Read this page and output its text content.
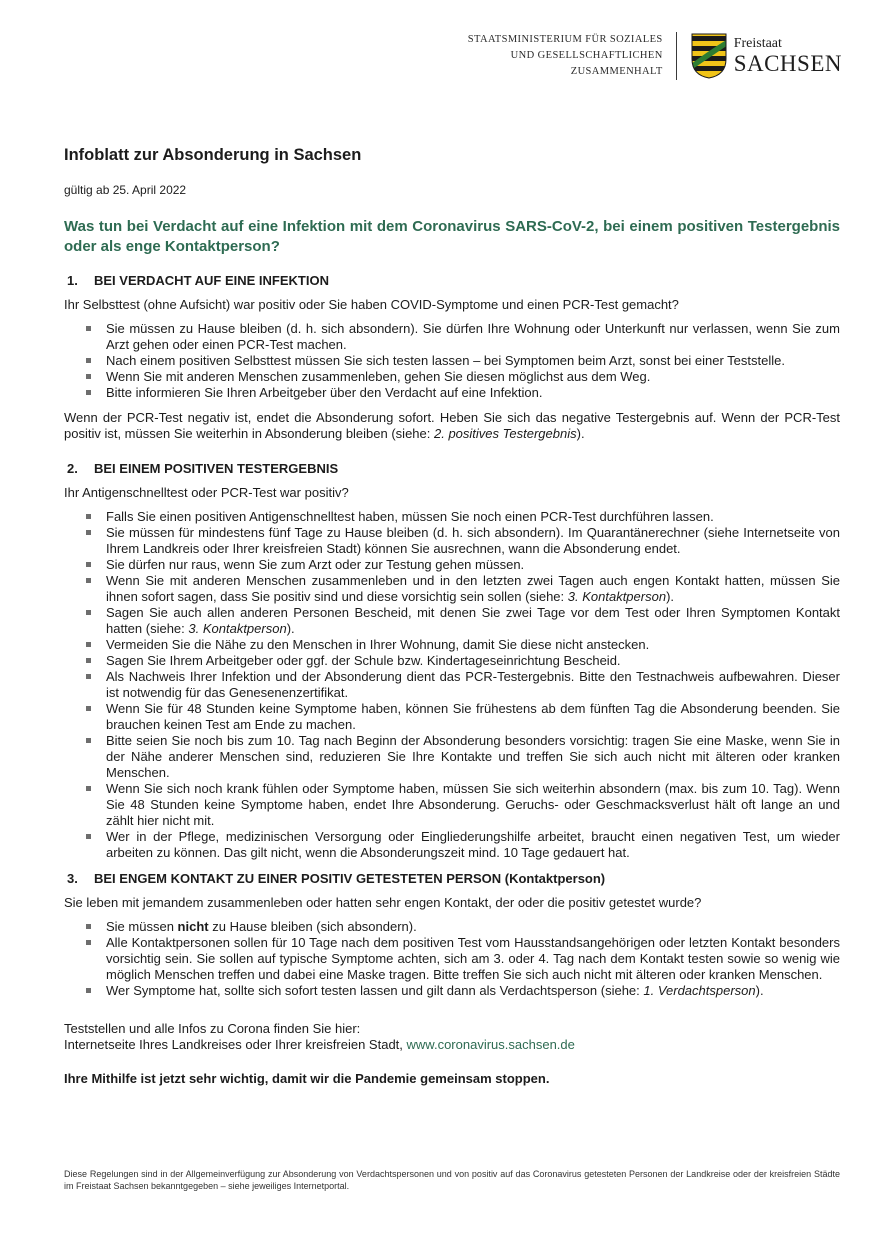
STAATSMINISTERIUM FÜR SOZIALES
UND GESELLSCHAFTLICHEN
ZUSAMMENHALT
Freistaat
SACHSEN
Infoblatt zur Absonderung in Sachsen
gültig ab 25. April 2022
Was tun bei Verdacht auf eine Infektion mit dem Coronavirus SARS-CoV-2, bei einem positiven Testergebnis oder als enge Kontaktperson?
1. BEI VERDACHT AUF EINE INFEKTION

Ihr Selbsttest (ohne Aufsicht) war positiv oder Sie haben COVID-Symptome und einen PCR-Test gemacht?

Sie müssen zu Hause bleiben (d. h. sich absondern). Sie dürfen Ihre Wohnung oder Unterkunft nur verlassen, wenn Sie zum Arzt gehen oder einen PCR-Test machen.
Nach einem positiven Selbsttest müssen Sie sich testen lassen – bei Symptomen beim Arzt, sonst bei einer Teststelle.
Wenn Sie mit anderen Menschen zusammenleben, gehen Sie diesen möglichst aus dem Weg.
Bitte informieren Sie Ihren Arbeitgeber über den Verdacht auf eine Infektion.

Wenn der PCR-Test negativ ist, endet die Absonderung sofort. Heben Sie sich das negative Testergebnis auf. Wenn der PCR-Test positiv ist, müssen Sie weiterhin in Absonderung bleiben (siehe: 2. positives Testergebnis).

2. BEI EINEM POSITIVEN TESTERGEBNIS

Ihr Antigenschnelltest oder PCR-Test war positiv?

Falls Sie einen positiven Antigenschnelltest haben, müssen Sie noch einen PCR-Test durchführen lassen.
Sie müssen für mindestens fünf Tage zu Hause bleiben (d. h. sich absondern). Im Quarantänerechner (siehe Internetseite von Ihrem Landkreis oder Ihrer kreisfreien Stadt) können Sie ausrechnen, wann die Absonderung endet.
Sie dürfen nur raus, wenn Sie zum Arzt oder zur Testung gehen müssen.
Wenn Sie mit anderen Menschen zusammenleben und in den letzten zwei Tagen auch engen Kontakt hatten, müssen Sie ihnen sofort sagen, dass Sie positiv sind und diese vorsichtig sein sollen (siehe: 3. Kontaktperson).
Sagen Sie auch allen anderen Personen Bescheid, mit denen Sie zwei Tage vor dem Test oder Ihren Symptomen Kontakt hatten (siehe: 3. Kontaktperson).
Vermeiden Sie die Nähe zu den Menschen in Ihrer Wohnung, damit Sie diese nicht anstecken.
Sagen Sie Ihrem Arbeitgeber oder ggf. der Schule bzw. Kindertageseinrichtung Bescheid.
Als Nachweis Ihrer Infektion und der Absonderung dient das PCR-Testergebnis. Bitte den Testnachweis aufbewahren. Dieser ist notwendig für das Genesenenzertifikat.
Wenn Sie für 48 Stunden keine Symptome haben, können Sie frühestens ab dem fünften Tag die Absonderung beenden. Sie brauchen keinen Test am Ende zu machen.
Bitte seien Sie noch bis zum 10. Tag nach Beginn der Absonderung besonders vorsichtig: tragen Sie eine Maske, wenn Sie in der Nähe anderer Menschen sind, reduzieren Sie Ihre Kontakte und treffen Sie sich auch nicht mit älteren oder kranken Menschen.
Wenn Sie sich noch krank fühlen oder Symptome haben, müssen Sie sich weiterhin absondern (max. bis zum 10. Tag). Wenn Sie 48 Stunden keine Symptome haben, endet Ihre Absonderung. Geruchs- oder Geschmacksverlust hält oft lange an und zählt hier nicht mit.
Wer in der Pflege, medizinischen Versorgung oder Eingliederungshilfe arbeitet, braucht einen negativen Test, um wieder arbeiten zu können. Das gilt nicht, wenn die Absonderungszeit mind. 10 Tage gedauert hat.
3. BEI ENGEM KONTAKT ZU EINER POSITIV GETESTETEN PERSON (Kontaktperson)

Sie leben mit jemandem zusammenleben oder hatten sehr engen Kontakt, der oder die positiv getestet wurde?

Sie müssen nicht zu Hause bleiben (sich absondern).
Alle Kontaktpersonen sollen für 10 Tage nach dem positiven Test vom Hausstandsangehörigen oder letzten Kontakt besonders vorsichtig sein. Sie sollen auf typische Symptome achten, sich am 3. oder 4. Tag nach dem Kontakt testen sowie so wenig wie möglich Menschen treffen und dabei eine Maske tragen. Bitte treffen Sie sich auch nicht mit älteren oder kranken Menschen.
Wer Symptome hat, sollte sich sofort testen lassen und gilt dann als Verdachtsperson (siehe: 1. Verdachtsperson).

Teststellen und alle Infos zu Corona finden Sie hier:

Internetseite Ihres Landkreises oder Ihrer kreisfreien Stadt, www.coronavirus.sachsen.de

Ihre Mithilfe ist jetzt sehr wichtig, damit wir die Pandemie gemeinsam stoppen.
Diese Regelungen sind in der Allgemeinverfügung zur Absonderung von Verdachtspersonen und von positiv auf das Coronavirus getesteten Personen der Landkreise oder der kreisfreien Städte im Freistaat Sachsen bekanntgegeben – siehe jeweiliges Internetportal.
